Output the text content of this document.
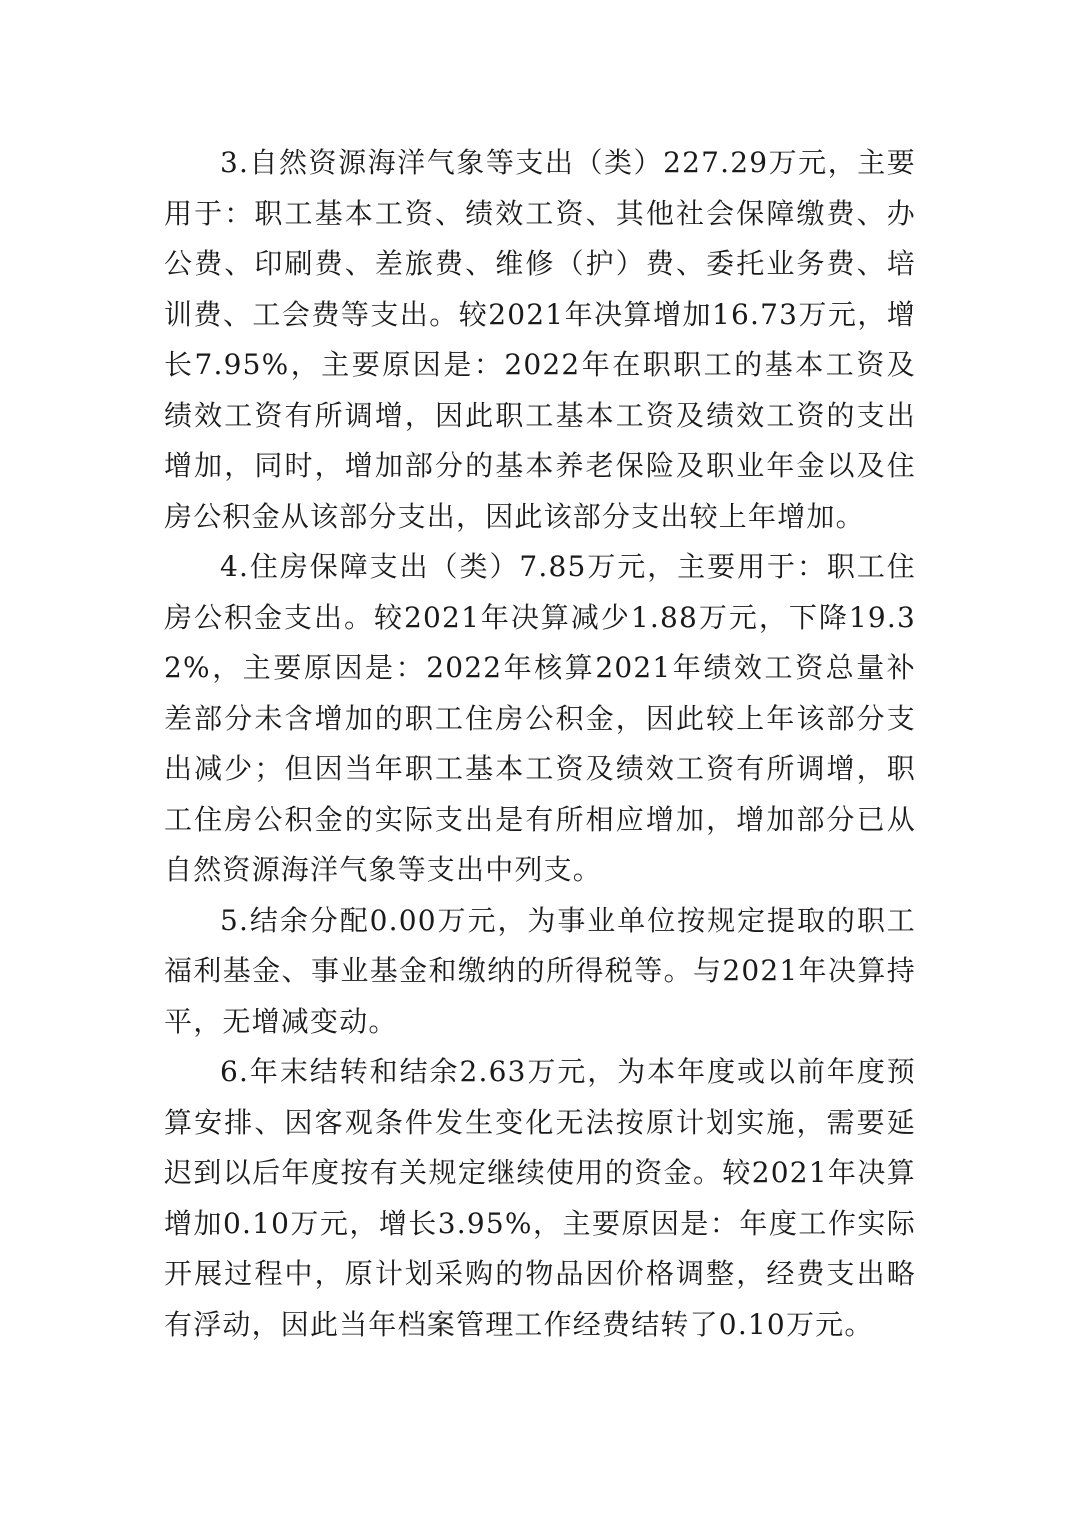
3.自然资源海洋气象等支出（类）227.29万元，主要用于：职工基本工资、绩效工资、其他社会保障缴费、办公费、印刷费、差旅费、维修（护）费、委托业务费、培训费、工会费等支出。较2021年决算增加16.73万元，增长7.95%，主要原因是：2022年在职职工的基本工资及绩效工资有所调增，因此职工基本工资及绩效工资的支出增加，同时，增加部分的基本养老保险及职业年金以及住房公积金从该部分支出，因此该部分支出较上年增加。

4.住房保障支出（类）7.85万元，主要用于：职工住房公积金支出。较2021年决算减少1.88万元，下降19.32%，主要原因是：2022年核算2021年绩效工资总量补差部分未含增加的职工住房公积金，因此较上年该部分支出减少；但因当年职工基本工资及绩效工资有所调增，职工住房公积金的实际支出是有所相应增加，增加部分已从自然资源海洋气象等支出中列支。

5.结余分配0.00万元，为事业单位按规定提取的职工福利基金、事业基金和缴纳的所得税等。与2021年决算持平，无增减变动。

6.年末结转和结余2.63万元，为本年度或以前年度预算安排、因客观条件发生变化无法按原计划实施，需要延迟到以后年度按有关规定继续使用的资金。较2021年决算增加0.10万元，增长3.95%，主要原因是：年度工作实际开展过程中，原计划采购的物品因价格调整，经费支出略有浮动，因此当年档案管理工作经费结转了0.10万元。
